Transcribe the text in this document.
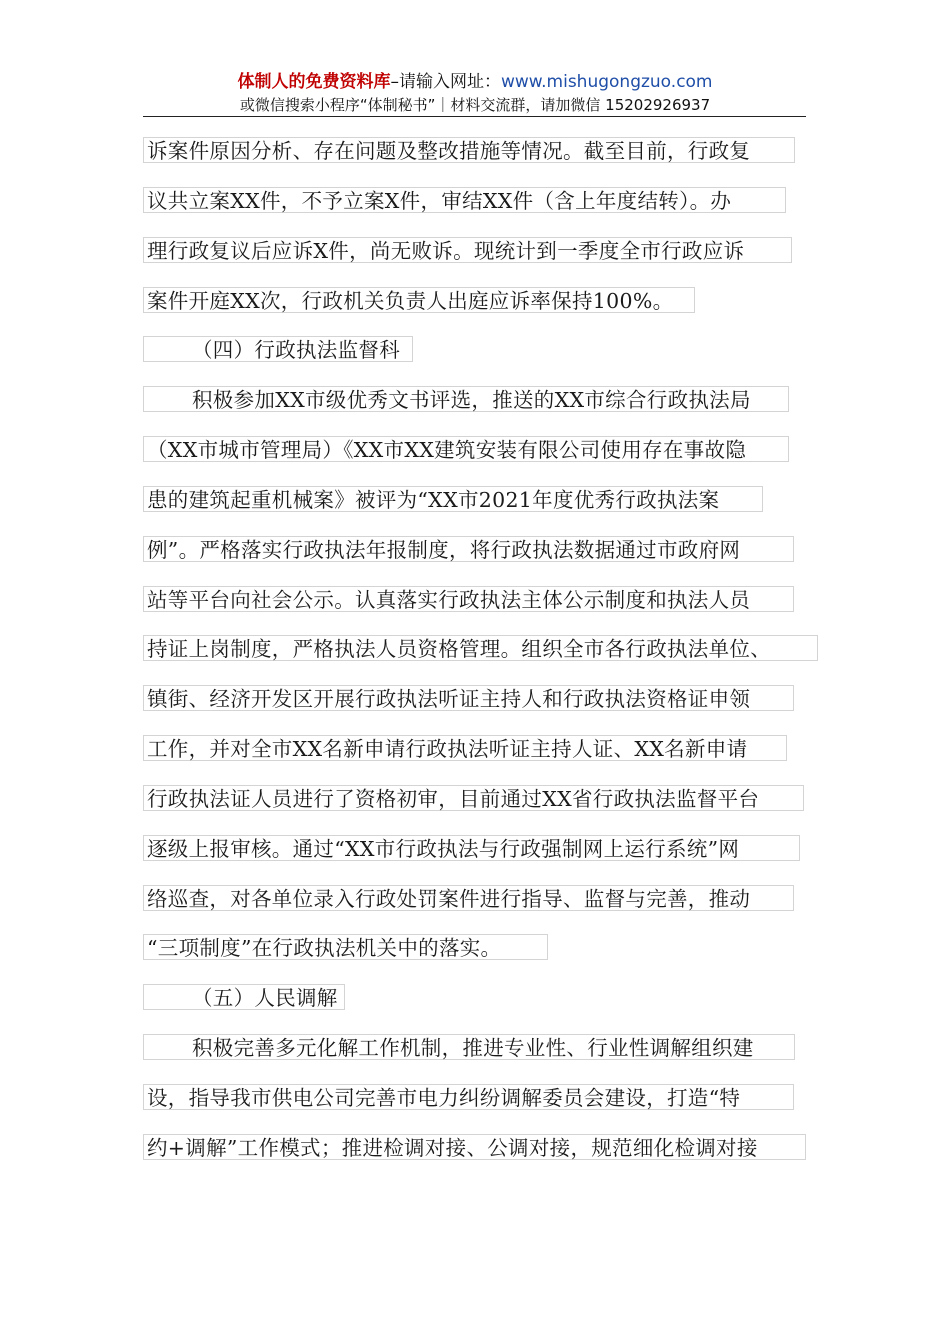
体制人的免费资料库–请输入网址：www.mishugongzuo.com
或微信搜索小程序“体制秘书”｜材料交流群，请加微信 15202926937
诉案件原因分析、存在问题及整改措施等情况。截至目前，行政复
议共立案XX件，不予立案X件，审结XX件（含上年度结转）。办
理行政复议后应诉X件，尚无败诉。现统计到一季度全市行政应诉
案件开庭XX次，行政机关负责人出庭应诉率保持100%。
（四）行政执法监督科
积极参加XX市级优秀文书评选，推送的XX市综合行政执法局
（XX市城市管理局）《XX市XX建筑安装有限公司使用存在事故隐
患的建筑起重机械案》被评为“XX市2021年度优秀行政执法案
例”。严格落实行政执法年报制度，将行政执法数据通过市政府网
站等平台向社会公示。认真落实行政执法主体公示制度和执法人员
持证上岗制度，严格执法人员资格管理。组织全市各行政执法单位、
镇街、经济开发区开展行政执法听证主持人和行政执法资格证申领
工作，并对全市XX名新申请行政执法听证主持人证、XX名新申请
行政执法证人员进行了资格初审，目前通过XX省行政执法监督平台
逐级上报审核。通过“XX市行政执法与行政强制网上运行系统”网
络巡查，对各单位录入行政处罚案件进行指导、监督与完善，推动
“三项制度”在行政执法机关中的落实。
（五）人民调解
积极完善多元化解工作机制，推进专业性、行业性调解组织建
设，指导我市供电公司完善市电力纠纷调解委员会建设，打造“特
约+调解”工作模式；推进检调对接、公调对接，规范细化检调对接
